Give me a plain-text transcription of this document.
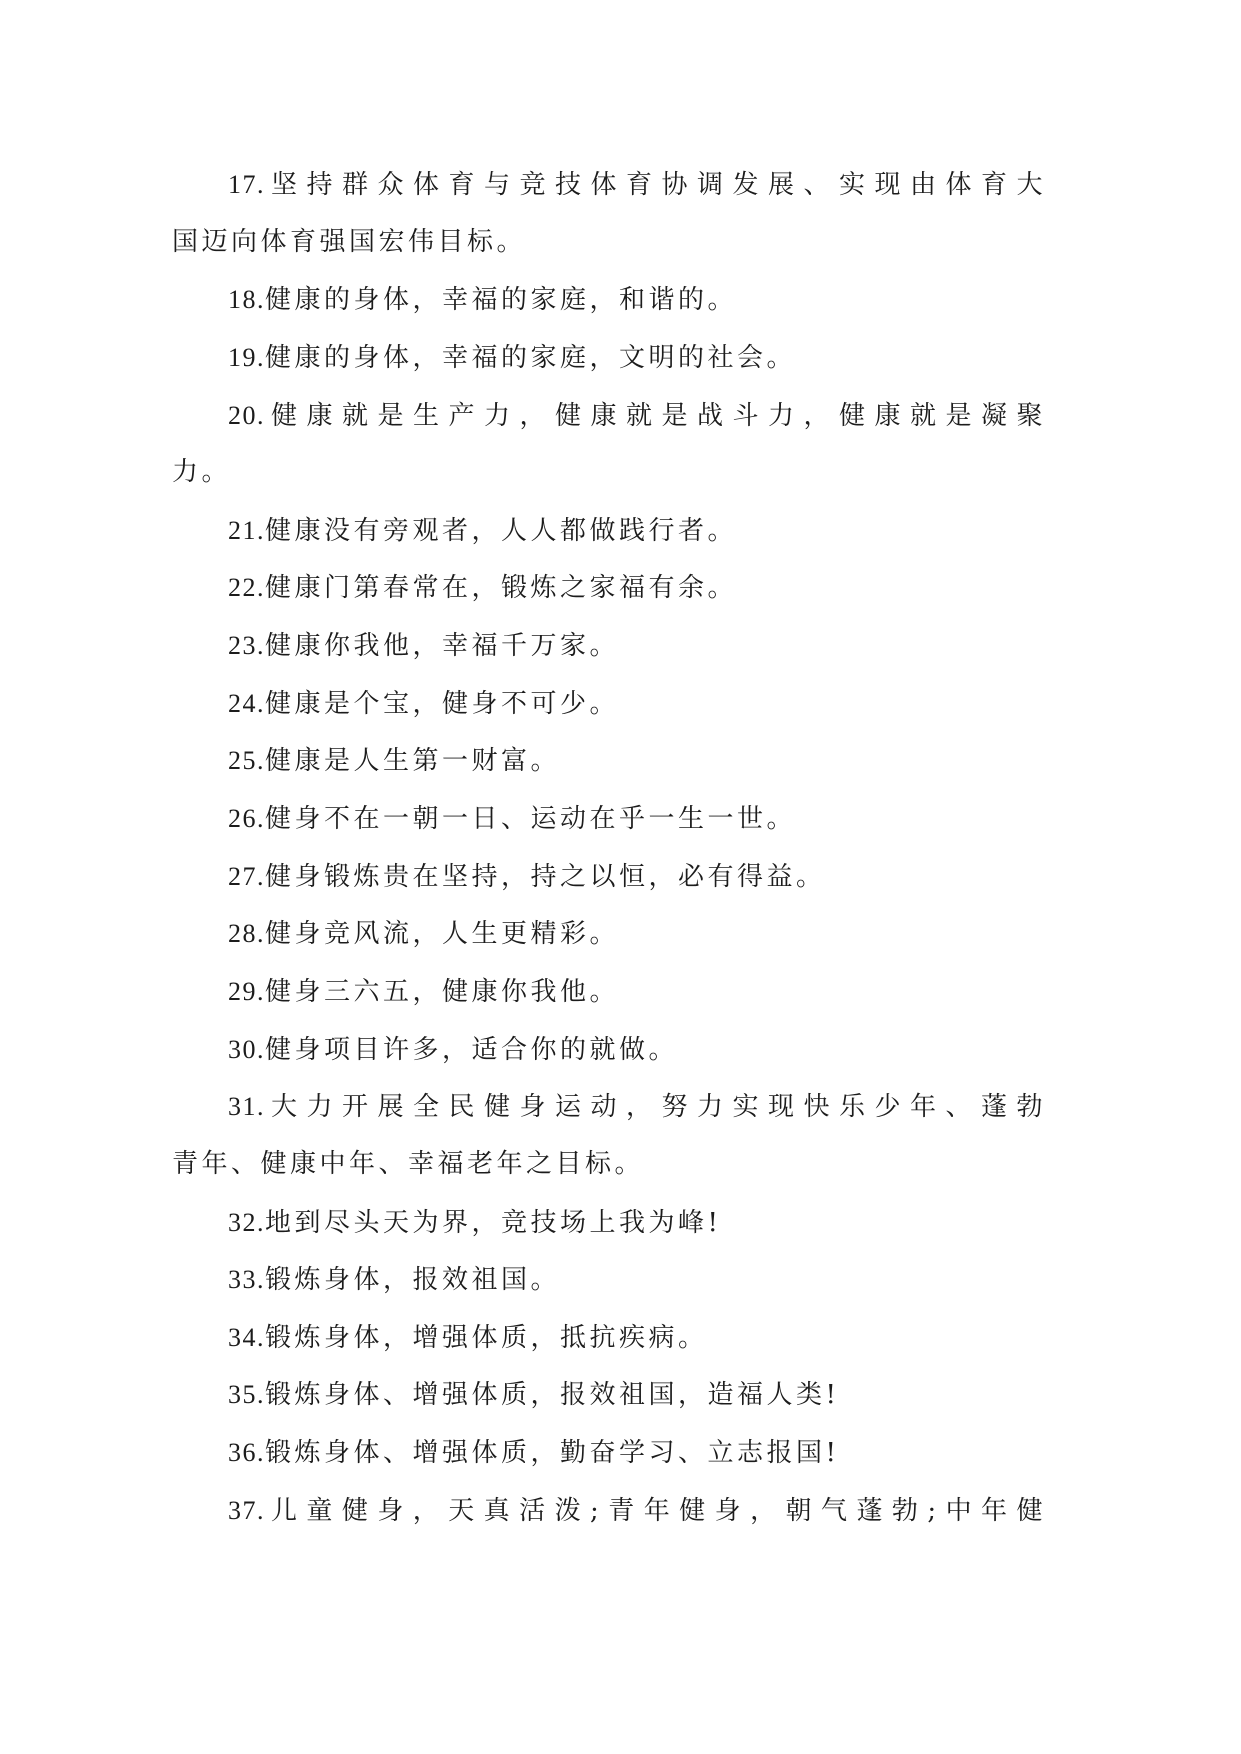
17.坚持群众体育与竞技体育协调发展、实现由体育大
国迈向体育强国宏伟目标。
18.健康的身体，幸福的家庭，和谐的。
19.健康的身体，幸福的家庭，文明的社会。
20.健康就是生产力，健康就是战斗力，健康就是凝聚
力。
21.健康没有旁观者，人人都做践行者。
22.健康门第春常在，锻炼之家福有余。
23.健康你我他，幸福千万家。
24.健康是个宝，健身不可少。
25.健康是人生第一财富。
26.健身不在一朝一日、运动在乎一生一世。
27.健身锻炼贵在坚持，持之以恒，必有得益。
28.健身竞风流，人生更精彩。
29.健身三六五，健康你我他。
30.健身项目许多，适合你的就做。
31.大力开展全民健身运动，努力实现快乐少年、蓬勃
青年、健康中年、幸福老年之目标。
32.地到尽头天为界，竞技场上我为峰!
33.锻炼身体，报效祖国。
34.锻炼身体，增强体质，抵抗疾病。
35.锻炼身体、增强体质，报效祖国，造福人类!
36.锻炼身体、增强体质，勤奋学习、立志报国!
37.儿童健身，天真活泼;青年健身，朝气蓬勃;中年健
